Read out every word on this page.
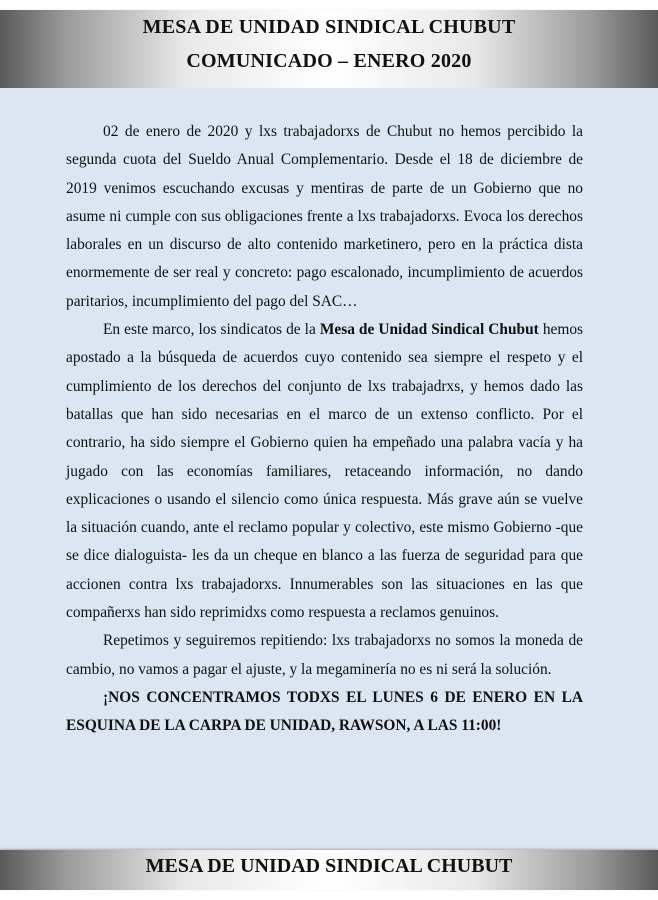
MESA DE UNIDAD SINDICAL CHUBUT
COMUNICADO – ENERO 2020

02 de enero de 2020 y lxs trabajadorxs de Chubut no hemos percibido la segunda cuota del Sueldo Anual Complementario. Desde el 18 de diciembre de 2019 venimos escuchando excusas y mentiras de parte de un Gobierno que no asume ni cumple con sus obligaciones frente a lxs trabajadorxs. Evoca los derechos laborales en un discurso de alto contenido marketinero, pero en la práctica dista enormemente de ser real y concreto: pago escalonado, incumplimiento de acuerdos paritarios, incumplimiento del pago del SAC…

En este marco, los sindicatos de la Mesa de Unidad Sindical Chubut hemos apostado a la búsqueda de acuerdos cuyo contenido sea siempre el respeto y el cumplimiento de los derechos del conjunto de lxs trabajadrxs, y hemos dado las batallas que han sido necesarias en el marco de un extenso conflicto. Por el contrario, ha sido siempre el Gobierno quien ha empeñado una palabra vacía y ha jugado con las economías familiares, retaceando información, no dando explicaciones o usando el silencio como única respuesta. Más grave aún se vuelve la situación cuando, ante el reclamo popular y colectivo, este mismo Gobierno -que se dice dialoguista- les da un cheque en blanco a las fuerza de seguridad para que accionen contra lxs trabajadorxs. Innumerables son las situaciones en las que compañerxs han sido reprimidxs como respuesta a reclamos genuinos.

Repetimos y seguiremos repitiendo: lxs trabajadorxs no somos la moneda de cambio, no vamos a pagar el ajuste, y la megaminería no es ni será la solución.

¡NOS CONCENTRAMOS TODXS EL LUNES 6 DE ENERO EN LA ESQUINA DE LA CARPA DE UNIDAD, RAWSON, A LAS 11:00!

MESA DE UNIDAD SINDICAL CHUBUT
